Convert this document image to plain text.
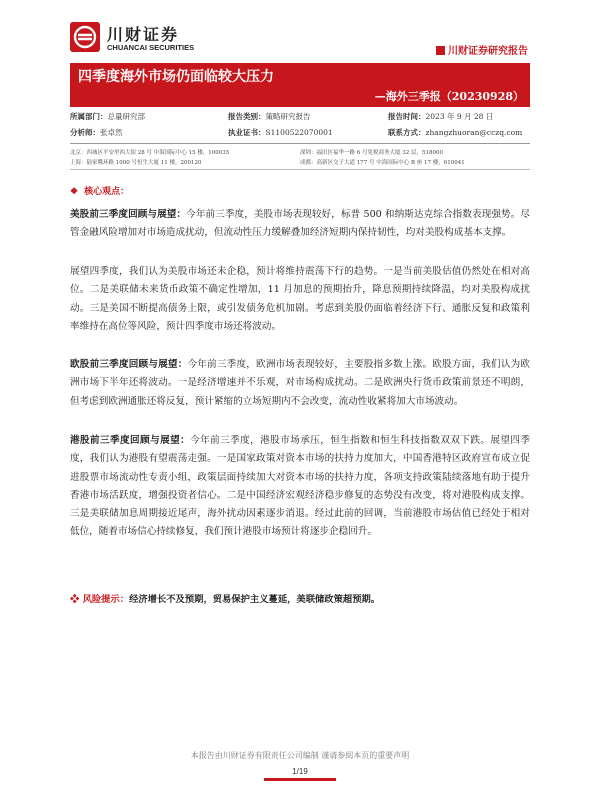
川财证券
CHUANCAI SECURITIES	川财证券研究报告
四季度海外市场仍面临较大压力
—海外三季报（20230928）
所属部门：总量研究部	报告类别：策略研究报告	报告时间：2023 年 9 月 28 日
分析师：张卓然	执业证书：S1100522070001	联系方式：zhangzhuoran@cczq.com
北京：西城区平安里西大街 28 号 中海国际中心 15 楼，100035	深圳：福田区福华一路 6 号免税商务大厦 32 层，518000
上海：陆家嘴环路 1000 号恒生大厦 11 楼，200120	成都：高新区交子大道 177 号 中海国际中心 B 座 17 楼，610041
❖ 核心观点：
美股前三季度回顾与展望：今年前三季度，美股市场表现较好，标普 500 和纳斯达克综合指数表现强势。尽管金融风险增加对市场造成扰动，但流动性压力缓解叠加经济短期内保持韧性，均对美股构成基本支撑。
展望四季度，我们认为美股市场还未企稳，预计将维持震荡下行的趋势。一是当前美股估值仍然处在相对高位。二是美联储未来货币政策不确定性增加，11 月加息的预期抬升，降息预期持续降温，均对美股构成扰动。三是美国不断提高债务上限，或引发债务危机加剧。考虑到美股仍面临着经济下行、通胀反复和政策利率维持在高位等风险，预计四季度市场还将波动。
欧股前三季度回顾与展望：今年前三季度，欧洲市场表现较好，主要股指多数上涨。欧股方面，我们认为欧洲市场下半年还将波动。一是经济增速并不乐观，对市场构成扰动。二是欧洲央行货币政策前景还不明朗，但考虑到欧洲通胀还将反复，预计紧缩的立场短期内不会改变，流动性收紧将加大市场波动。
港股前三季度回顾与展望：今年前三季度，港股市场承压，恒生指数和恒生科技指数双双下跌。展望四季度，我们认为港股有望震荡走强。一是国家政策对资本市场的扶持力度加大，中国香港特区政府宣布成立促进股票市场流动性专责小组，政策层面持续加大对资本市场的扶持力度，各项支持政策陆续落地有助于提升香港市场活跃度，增强投资者信心。二是中国经济宏观经济稳步修复的态势没有改变，将对港股构成支撑。三是美联储加息周期接近尾声，海外扰动因素逐步消退。经过此前的回调，当前港股市场估值已经处于相对低位，随着市场信心持续修复，我们预计港股市场预计将逐步企稳回升。
❖ 风险提示：经济增长不及预期，贸易保护主义蔓延，美联储政策超预期。
本报告由川财证券有限责任公司编制 谨请参阅本页的重要声明
1/19
